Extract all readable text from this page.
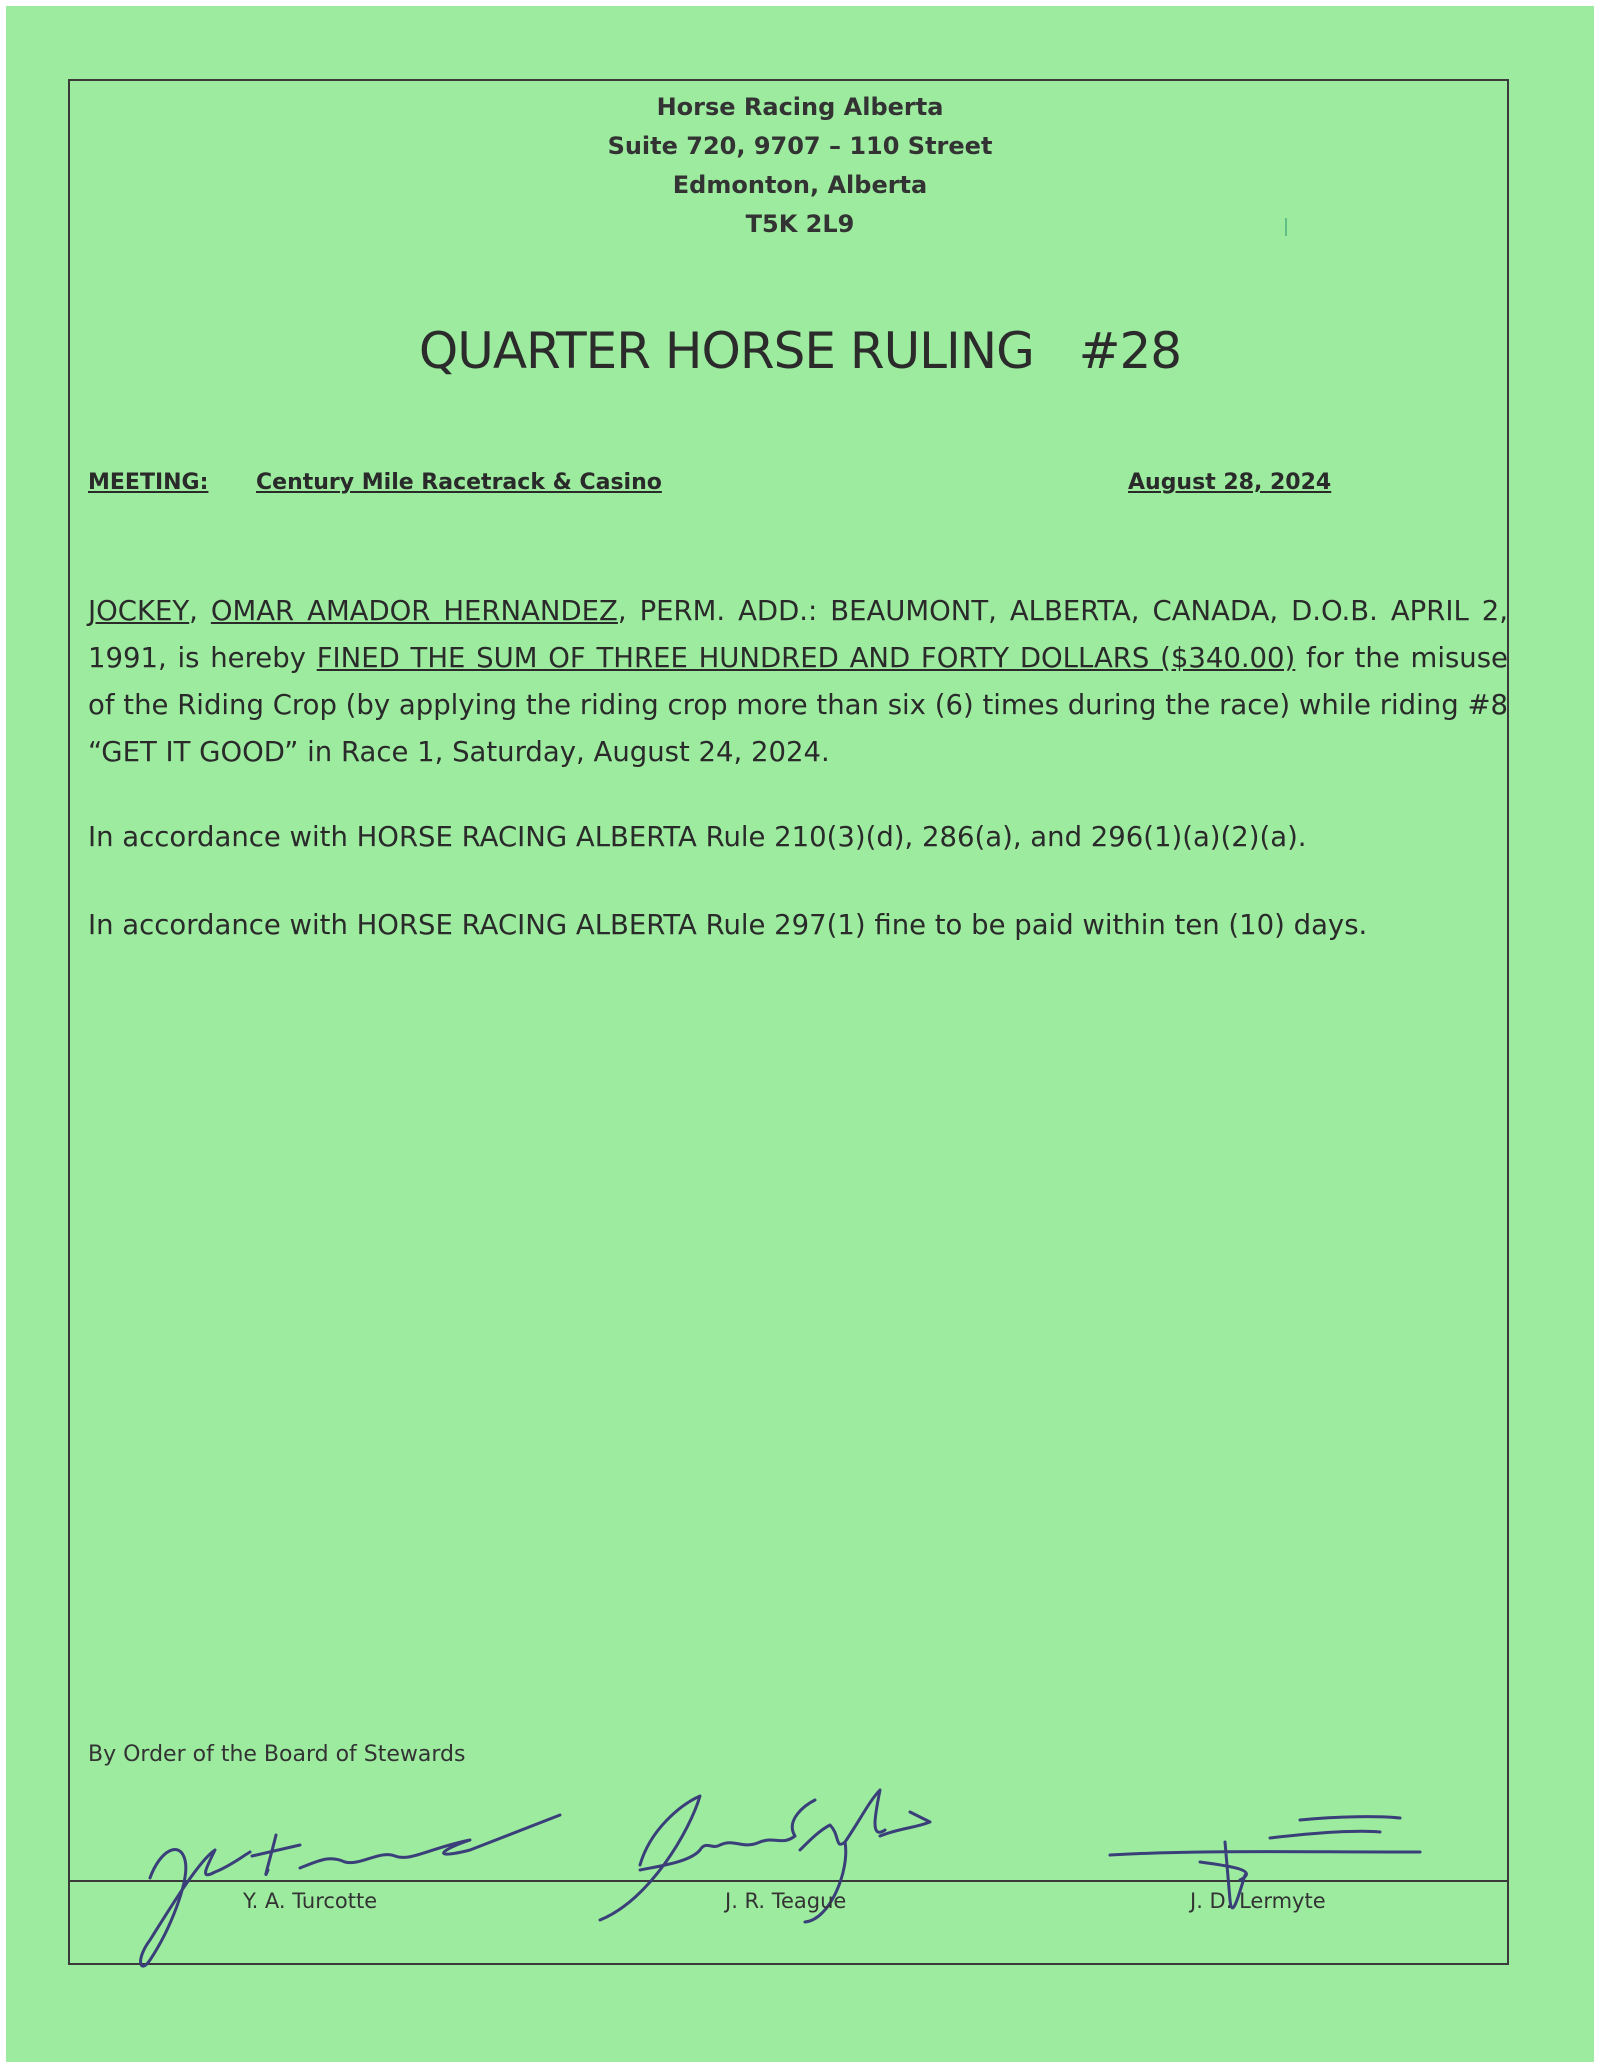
Horse Racing Alberta
Suite 720, 9707 – 110 Street
Edmonton, Alberta
T5K 2L9
QUARTER HORSE RULING   #28
MEETING: Century Mile Racetrack & Casino	August 28, 2024
JOCKEY, OMAR AMADOR HERNANDEZ, PERM. ADD.: BEAUMONT, ALBERTA, CANADA, D.O.B. APRIL 2, 1991, is hereby FINED THE SUM OF THREE HUNDRED AND FORTY DOLLARS ($340.00) for the misuse of the Riding Crop (by applying the riding crop more than six (6) times during the race) while riding #8 “GET IT GOOD” in Race 1, Saturday, August 24, 2024.
In accordance with HORSE RACING ALBERTA Rule 210(3)(d), 286(a), and 296(1)(a)(2)(a).
In accordance with HORSE RACING ALBERTA Rule 297(1) fine to be paid within ten (10) days.
By Order of the Board of Stewards
Y. A. Turcotte	J. R. Teague	J. D. Lermyte
